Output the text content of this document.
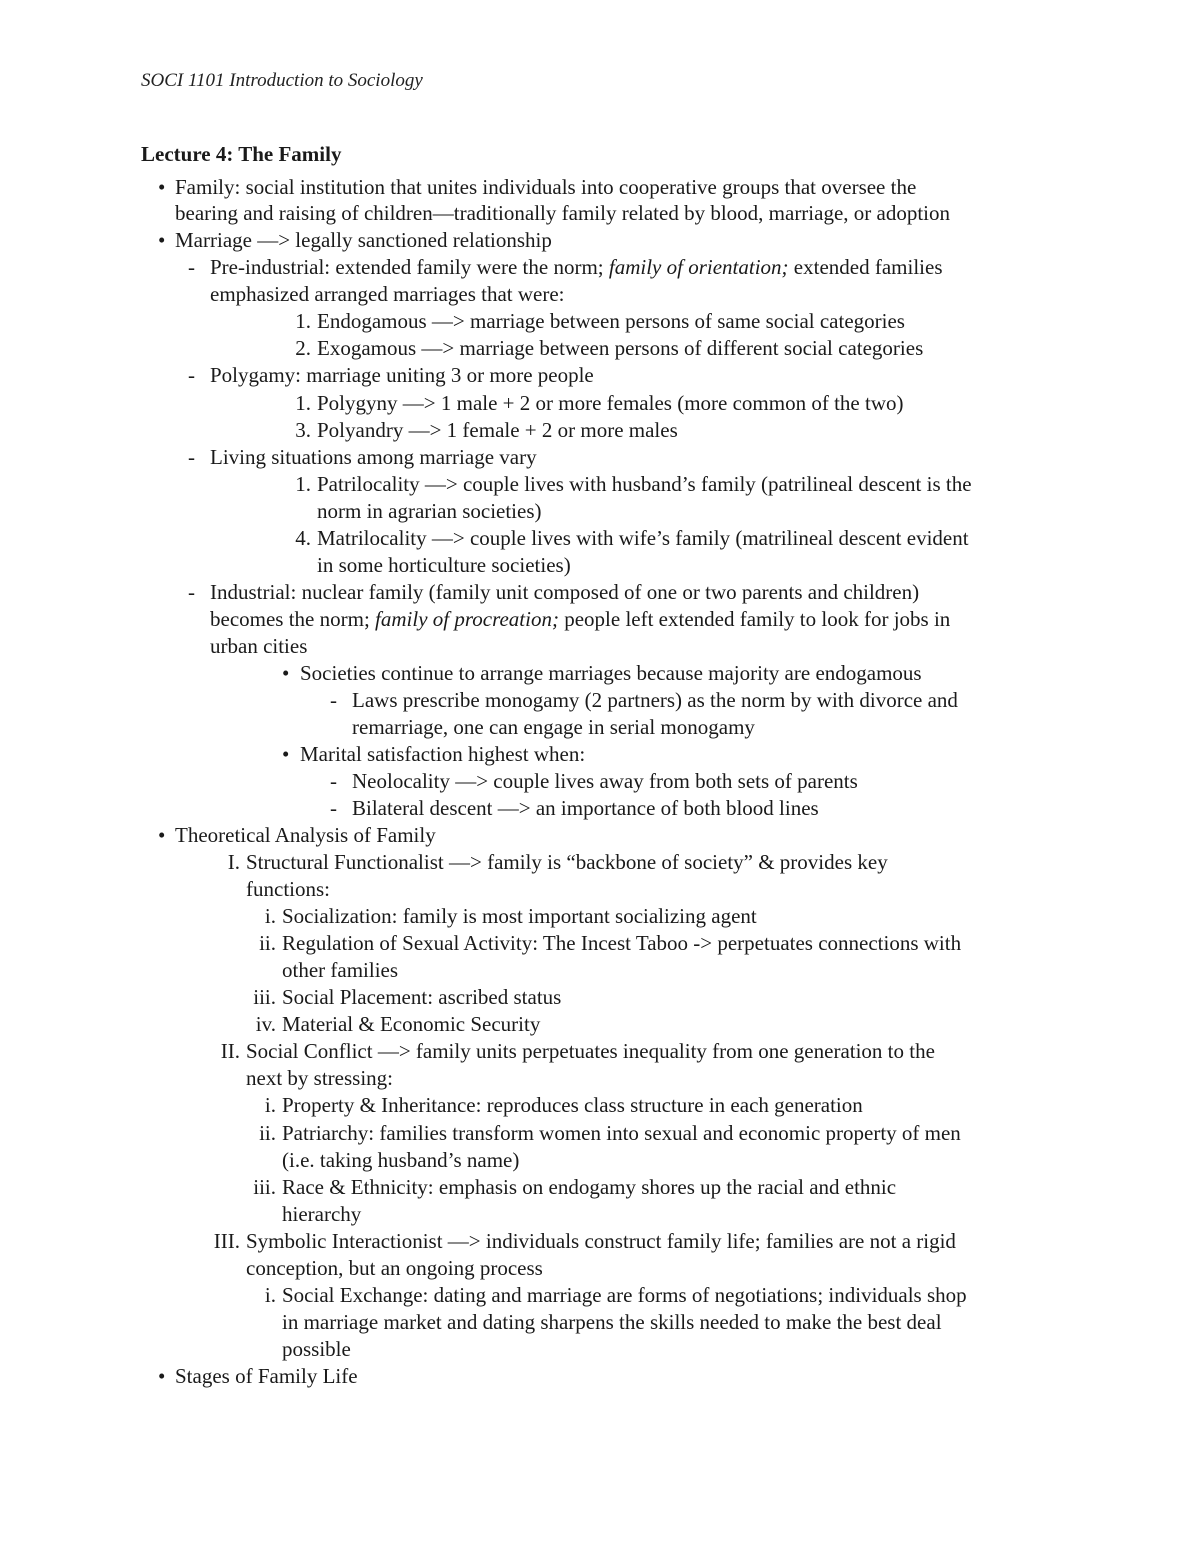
SOCI 1101 Introduction to Sociology
Lecture 4: The Family
• Family: social institution that unites individuals into cooperative groups that oversee the
bearing and raising of children—traditionally family related by blood, marriage, or adoption
• Marriage —> legally sanctioned relationship
- Pre-industrial: extended family were the norm; family of orientation; extended families
emphasized arranged marriages that were:
1. Endogamous —> marriage between persons of same social categories
2. Exogamous —> marriage between persons of different social categories
- Polygamy: marriage uniting 3 or more people
1. Polygyny —> 1 male + 2 or more females (more common of the two)
3. Polyandry —> 1 female + 2 or more males
- Living situations among marriage vary
1. Patrilocality —> couple lives with husband’s family (patrilineal descent is the
norm in agrarian societies)
4. Matrilocality —> couple lives with wife’s family (matrilineal descent evident
in some horticulture societies)
- Industrial: nuclear family (family unit composed of one or two parents and children)
becomes the norm; family of procreation; people left extended family to look for jobs in
urban cities
• Societies continue to arrange marriages because majority are endogamous
- Laws prescribe monogamy (2 partners) as the norm by with divorce and
remarriage, one can engage in serial monogamy
• Marital satisfaction highest when:
- Neolocality —> couple lives away from both sets of parents
- Bilateral descent —> an importance of both blood lines
• Theoretical Analysis of Family
I. Structural Functionalist —> family is “backbone of society” & provides key
functions:
i. Socialization: family is most important socializing agent
ii. Regulation of Sexual Activity: The Incest Taboo -> perpetuates connections with
other families
iii. Social Placement: ascribed status
iv. Material & Economic Security
II. Social Conflict —> family units perpetuates inequality from one generation to the
next by stressing:
i. Property & Inheritance: reproduces class structure in each generation
ii. Patriarchy: families transform women into sexual and economic property of men
(i.e. taking husband’s name)
iii. Race & Ethnicity: emphasis on endogamy shores up the racial and ethnic
hierarchy
III. Symbolic Interactionist —> individuals construct family life; families are not a rigid
conception, but an ongoing process
i. Social Exchange: dating and marriage are forms of negotiations; individuals shop
in marriage market and dating sharpens the skills needed to make the best deal
possible
• Stages of Family Life
